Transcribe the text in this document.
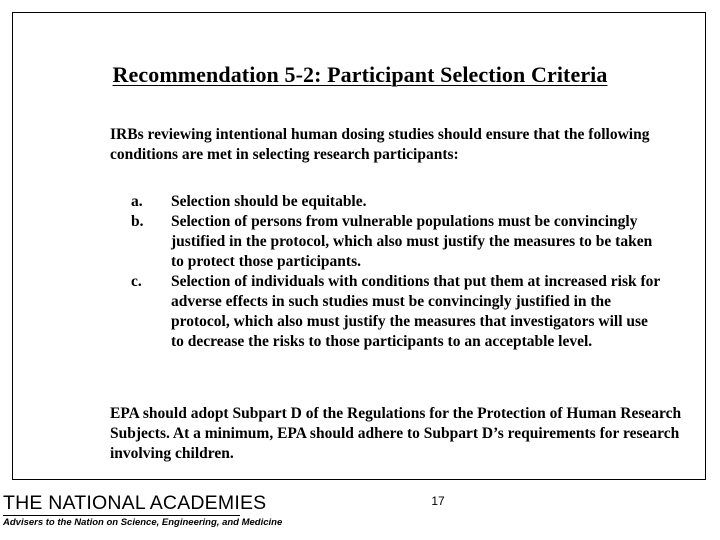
Recommendation 5-2: Participant Selection Criteria
IRBs reviewing intentional human dosing studies should ensure that the following conditions are met in selecting research participants:
a.	Selection should be equitable.
b.	Selection of persons from vulnerable populations must be convincingly justified in the protocol, which also must justify the measures to be taken to protect those participants.
c.	Selection of individuals with conditions that put them at increased risk for adverse effects in such studies must be convincingly justified in the protocol, which also must justify the measures that investigators will use to decrease the risks to those participants to an acceptable level.
EPA should adopt Subpart D of the Regulations for the Protection of Human Research Subjects. At a minimum, EPA should adhere to Subpart D’s requirements for research involving children.
THE NATIONAL ACADEMIES
Advisers to the Nation on Science, Engineering, and Medicine
17
